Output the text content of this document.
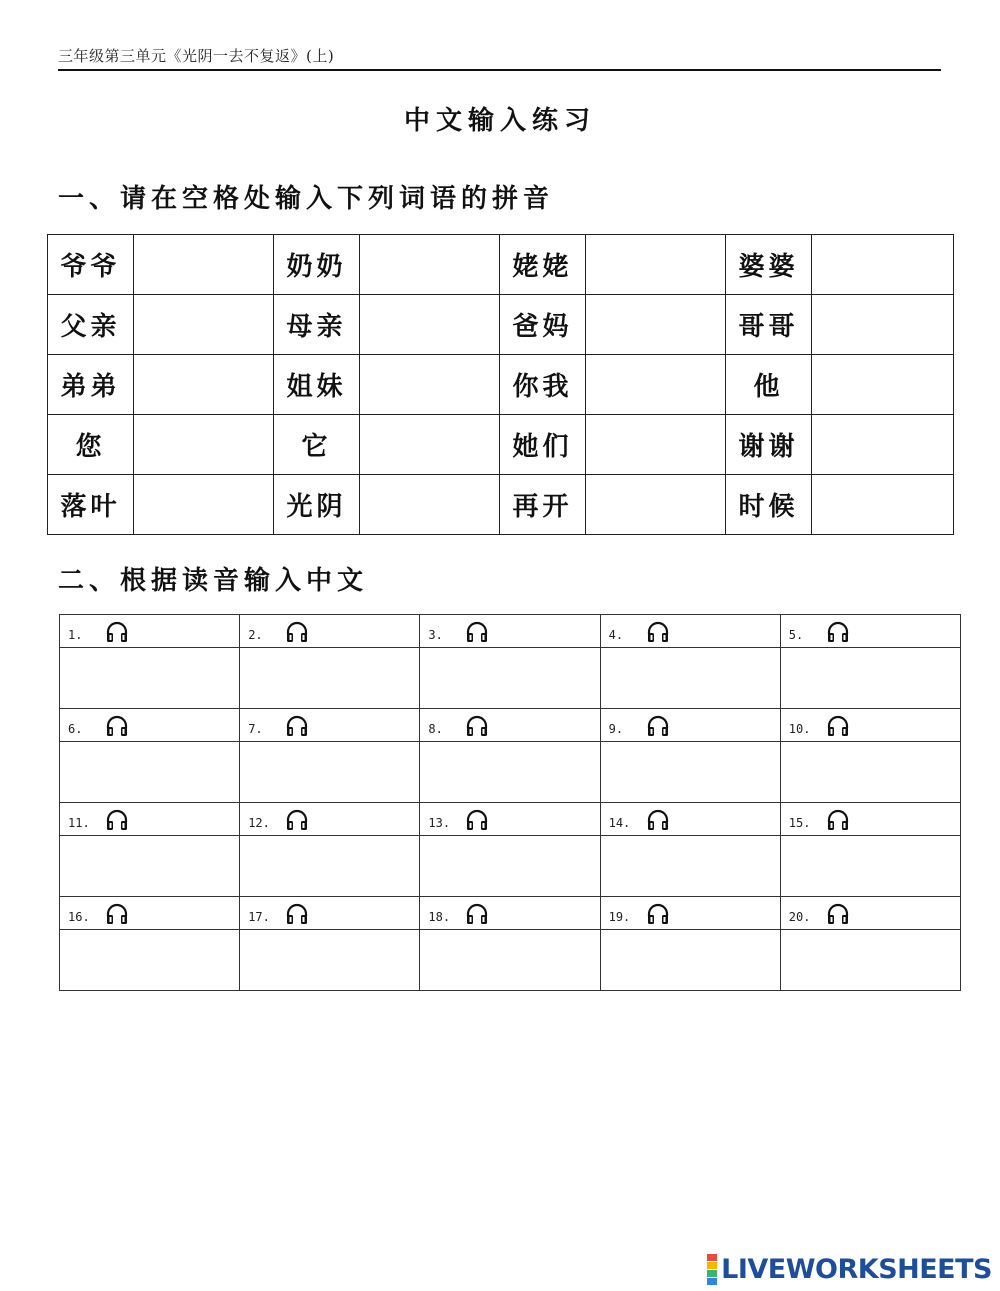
三年级第三单元《光阴一去不复返》(上)
中文输入练习
一、请在空格处输入下列词语的拼音
爷爷		奶奶		姥姥		婆婆	
父亲		母亲		爸妈		哥哥	
弟弟		姐妹		你我		他	
您		它		她们		谢谢	
落叶		光阴		再开		时候	
二、根据读音输入中文
1.	2.	3.	4.	5.
6.	7.	8.	9.	10.
11.	12.	13.	14.	15.
16.	17.	18.	19.	20.
LIVEWORKSHEETS
